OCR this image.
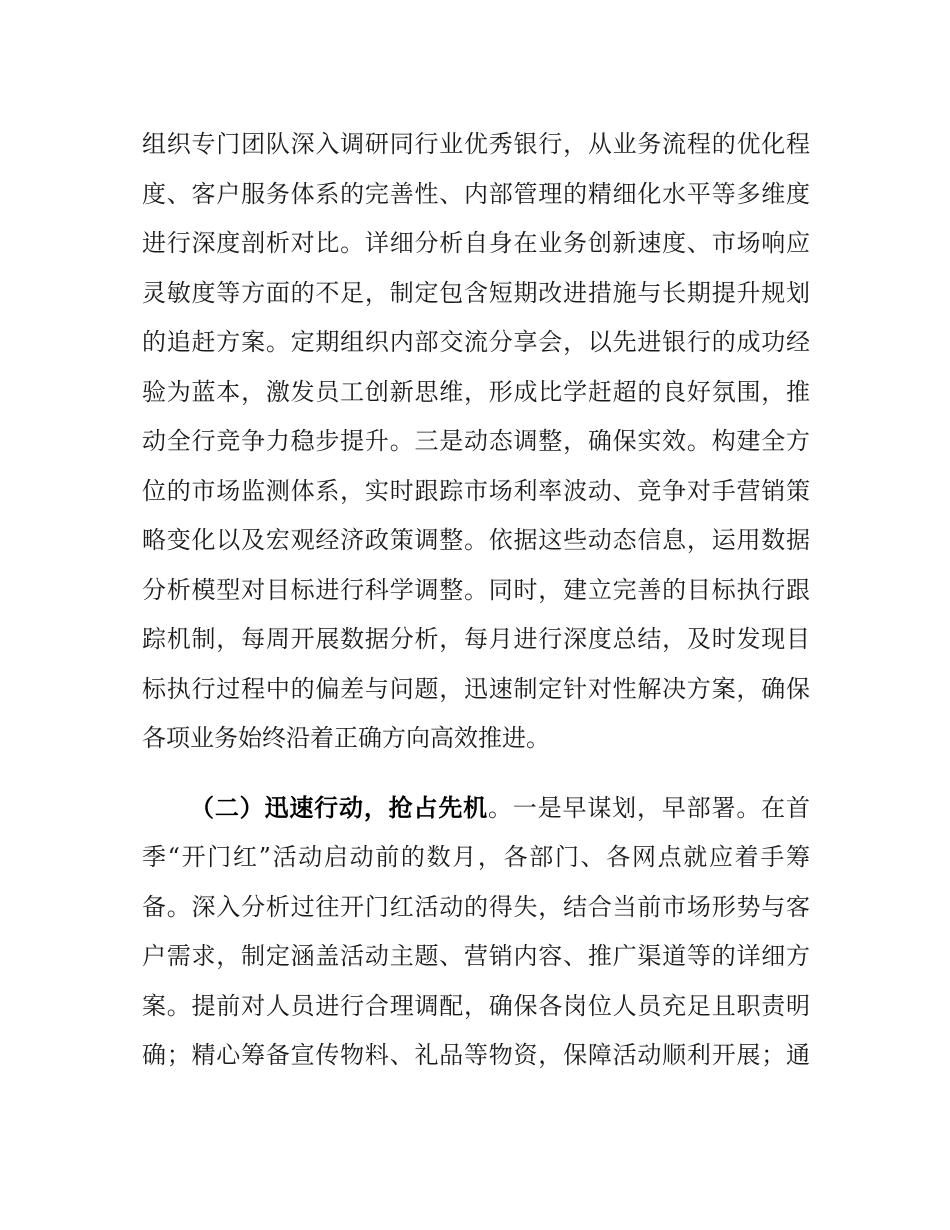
组织专门团队深入调研同行业优秀银行，从业务流程的优化程
度、客户服务体系的完善性、内部管理的精细化水平等多维度
进行深度剖析对比。详细分析自身在业务创新速度、市场响应
灵敏度等方面的不足，制定包含短期改进措施与长期提升规划
的追赶方案。定期组织内部交流分享会，以先进银行的成功经
验为蓝本，激发员工创新思维，形成比学赶超的良好氛围，推
动全行竞争力稳步提升。三是动态调整，确保实效。构建全方
位的市场监测体系，实时跟踪市场利率波动、竞争对手营销策
略变化以及宏观经济政策调整。依据这些动态信息，运用数据
分析模型对目标进行科学调整。同时，建立完善的目标执行跟
踪机制，每周开展数据分析，每月进行深度总结，及时发现目
标执行过程中的偏差与问题，迅速制定针对性解决方案，确保
各项业务始终沿着正确方向高效推进。
（二）迅速行动，抢占先机。一是早谋划，早部署。在首
季“开门红”活动启动前的数月，各部门、各网点就应着手筹
备。深入分析过往开门红活动的得失，结合当前市场形势与客
户需求，制定涵盖活动主题、营销内容、推广渠道等的详细方
案。提前对人员进行合理调配，确保各岗位人员充足且职责明
确；精心筹备宣传物料、礼品等物资，保障活动顺利开展；通
